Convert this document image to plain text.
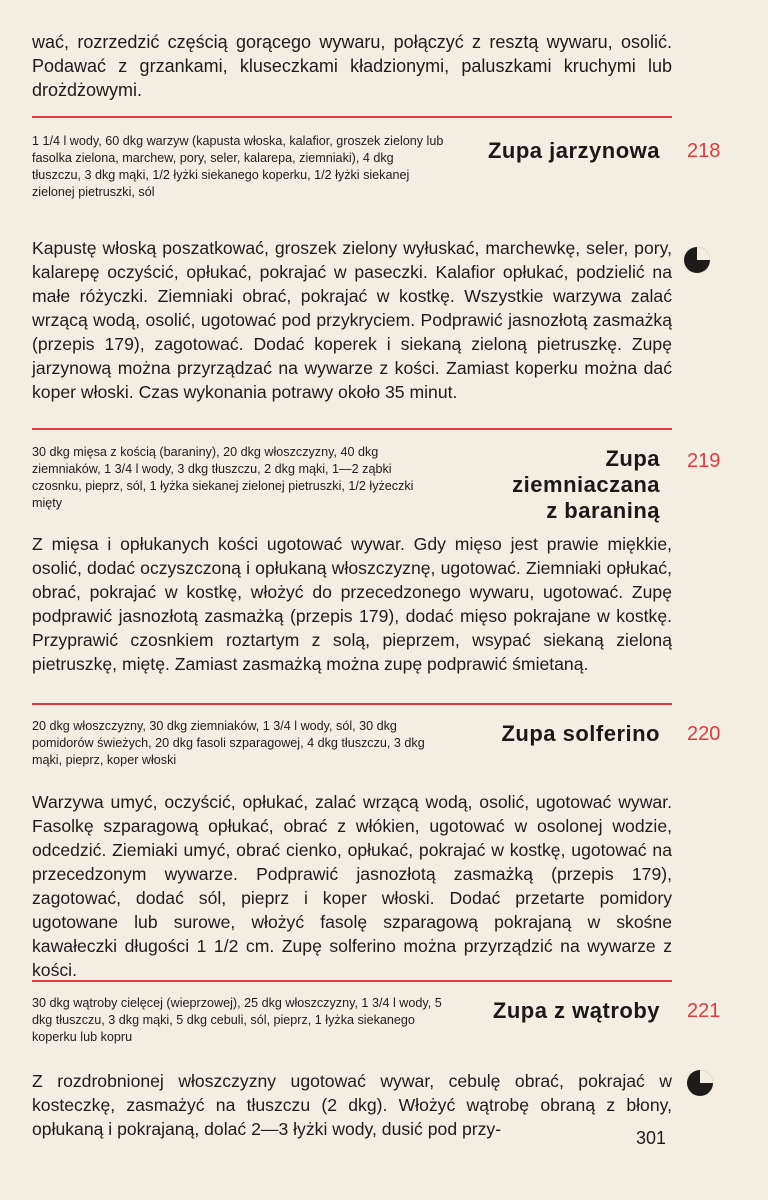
wać, rozrzedzić częścią gorącego wywaru, połączyć z resztą wywaru, osolić. Podawać z grzankami, kluseczkami kładzionymi, paluszkami kruchymi lub drożdżowymi.

1 1/4 l wody, 60 dkg warzyw (kapusta włoska, kalafior, groszek zielony lub fasolka zielona, marchew, pory, seler, kalarepa, ziemniaki), 4 dkg tłuszczu, 3 dkg mąki, 1/2 łyżki siekanego koperku, 1/2 łyżki siekanej zielonej pietruszki, sól

Zupa jarzynowa 218

Kapustę włoską poszatkować, groszek zielony wyłuskać, marchewkę, seler, pory, kalarepę oczyścić, opłukać, pokrajać w paseczki. Kalafior opłukać, podzielić na małe różyczki. Ziemniaki obrać, pokrajać w kostkę. Wszystkie warzywa zalać wrzącą wodą, osolić, ugotować pod przykryciem. Podprawić jasnozłotą zasmażką (przepis 179), zagotować. Dodać koperek i siekaną zieloną pietruszkę. Zupę jarzynową można przyrządzać na wywarze z kości. Zamiast koperku można dać koper włoski. Czas wykonania potrawy około 35 minut.

30 dkg mięsa z kością (baraniny), 20 dkg włoszczyzny, 40 dkg ziemniaków, 1 3/4 l wody, 3 dkg tłuszczu, 2 dkg mąki, 1—2 ząbki czosnku, pieprz, sól, 1 łyżka siekanej zielonej pietruszki, 1/2 łyżeczki mięty

Zupa
ziemniaczana
z baraniną

219

Z mięsa i opłukanych kości ugotować wywar. Gdy mięso jest prawie miękkie, osolić, dodać oczyszczoną i opłukaną włoszczyznę, ugotować. Ziemniaki opłukać, obrać, pokrajać w kostkę, włożyć do przecedzonego wywaru, ugotować. Zupę podprawić jasnozłotą zasmażką (przepis 179), dodać mięso pokrajane w kostkę. Przyprawić czosnkiem roztartym z solą, pieprzem, wsypać siekaną zieloną pietruszkę, miętę. Zamiast zasmażką można zupę podprawić śmietaną.

20 dkg włoszczyzny, 30 dkg ziemniaków, 1 3/4 l wody, sól, 30 dkg pomidorów świeżych, 20 dkg fasoli szparagowej, 4 dkg tłuszczu, 3 dkg mąki, pieprz, koper włoski

Zupa solferino 220

Warzywa umyć, oczyścić, opłukać, zalać wrzącą wodą, osolić, ugotować wywar. Fasolkę szparagową opłukać, obrać z włókien, ugotować w osolonej wodzie, odcedzić. Ziemiaki umyć, obrać cienko, opłukać, pokrajać w kostkę, ugotować na przecedzonym wywarze. Podprawić jasnozłotą zasmażką (przepis 179), zagotować, dodać sól, pieprz i koper włoski. Dodać przetarte pomidory ugotowane lub surowe, włożyć fasolę szparagową pokrajaną w skośne kawałeczki długości 1 1/2 cm. Zupę solferino można przyrządzić na wywarze z kości.

30 dkg wątroby cielęcej (wieprzowej), 25 dkg włoszczyzny, 1 3/4 l wody, 5 dkg tłuszczu, 3 dkg mąki, 5 dkg cebuli, sól, pieprz, 1 łyżka siekanego koperku lub kopru

Zupa z wątroby 221

Z rozdrobnionej włoszczyzny ugotować wywar, cebulę obrać, pokrajać w kosteczkę, zasmażyć na tłuszczu (2 dkg). Włożyć wątrobę obraną z błony, opłukaną i pokrajaną, dolać 2—3 łyżki wody, dusić pod przy-	301
